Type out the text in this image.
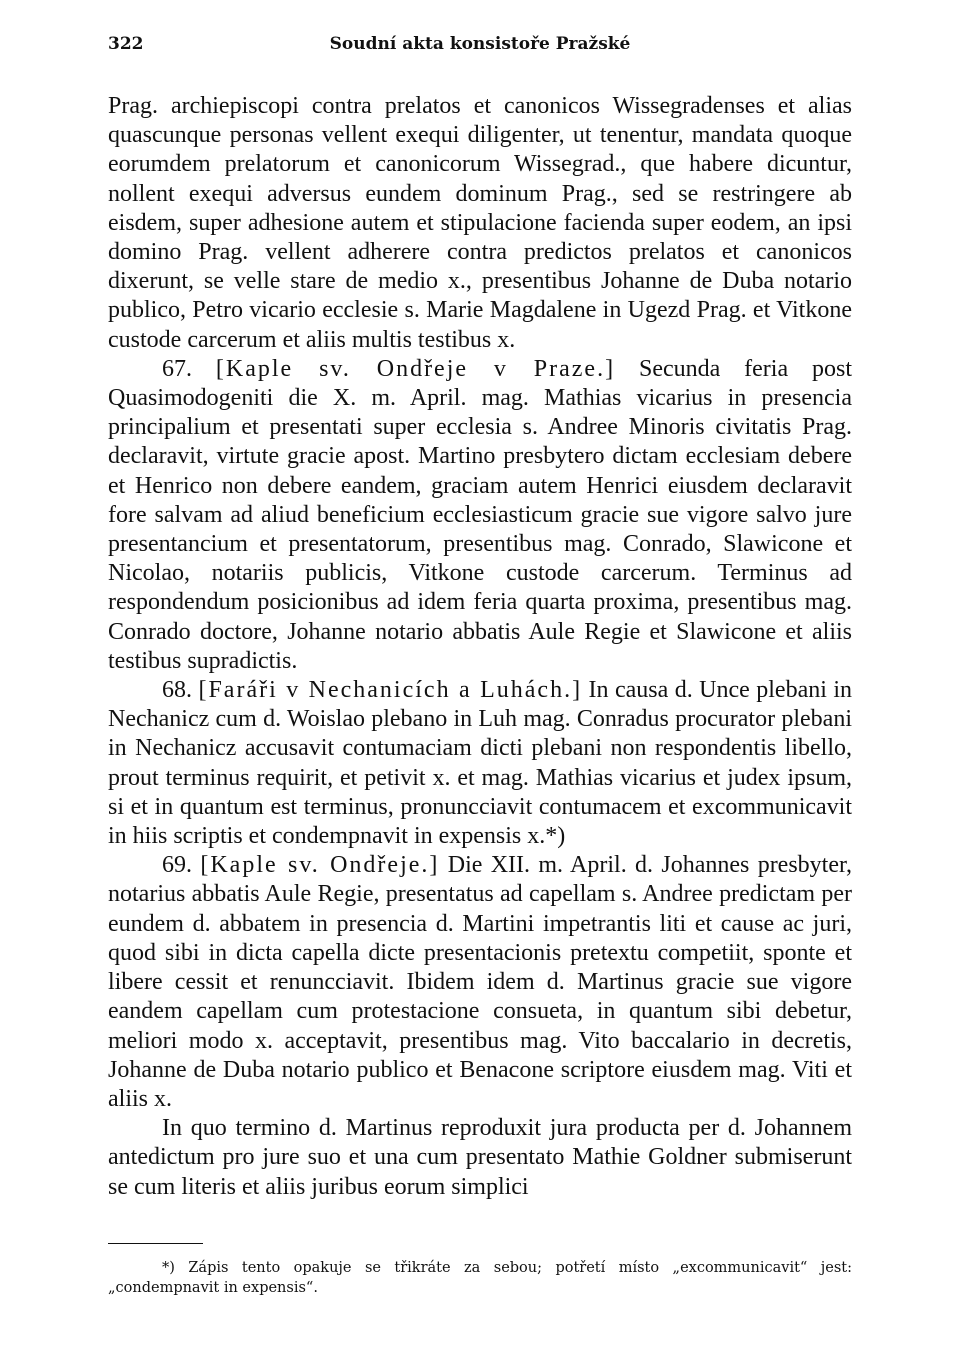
322	Soudní akta konsistoře Pražské

Prag. archiepiscopi contra prelatos et canonicos Wissegradenses et alias quascunque personas vellent exequi diligenter, ut tenentur, mandata quoque eorumdem prelatorum et canonicorum Wissegrad., que habere dicuntur, nollent exequi adversus eundem dominum Prag., sed se restringere ab eisdem, super adhesione autem et stipulacione facienda super eodem, an ipsi domino Prag. vellent adherere contra predictos prelatos et canonicos dixerunt, se velle stare de medio x., presentibus Johanne de Duba notario publico, Petro vicario ecclesie s. Marie Magdalene in Ugezd Prag. et Vitkone custode carcerum et aliis multis testibus x.

67. [Kaple sv. Ondřeje v Praze.] Secunda feria post Quasimodogeniti die X. m. April. mag. Mathias vicarius in presencia principalium et presentati super ecclesia s. Andree Minoris civitatis Prag. declaravit, virtute gracie apost. Martino presbytero dictam ecclesiam debere et Henrico non debere eandem, graciam autem Henrici eiusdem declaravit fore salvam ad aliud beneficium ecclesiasticum gracie sue vigore salvo jure presentancium et presentatorum, presentibus mag. Conrado, Slawicone et Nicolao, notariis publicis, Vitkone custode carcerum. Terminus ad respondendum posicionibus ad idem feria quarta proxima, presentibus mag. Conrado doctore, Johanne notario abbatis Aule Regie et Slawicone et aliis testibus supradictis.

68. [Faráři v Nechanicích a Luhách.] In causa d. Unce plebani in Nechanicz cum d. Woislao plebano in Luh mag. Conradus procurator plebani in Nechanicz accusavit contumaciam dicti plebani non respondentis libello, prout terminus requirit, et petivit x. et mag. Mathias vicarius et judex ipsum, si et in quantum est terminus, pronuncciavit contumacem et excommunicavit in hiis scriptis et condempnavit in expensis x.*)

69. [Kaple sv. Ondřeje.] Die XII. m. April. d. Johannes presbyter, notarius abbatis Aule Regie, presentatus ad capellam s. Andree predictam per eundem d. abbatem in presencia d. Martini impetrantis liti et cause ac juri, quod sibi in dicta capella dicte presentacionis pretextu competiit, sponte et libere cessit et renuncciavit. Ibidem idem d. Martinus gracie sue vigore eandem capellam cum protestacione consueta, in quantum sibi debetur, meliori modo x. acceptavit, presentibus mag. Vito baccalario in decretis, Johanne de Duba notario publico et Benacone scriptore eiusdem mag. Viti et aliis x.

In quo termino d. Martinus reproduxit jura producta per d. Johannem antedictum pro jure suo et una cum presentato Mathie Goldner submiserunt se cum literis et aliis juribus eorum simplici

*) Zápis tento opakuje se třikráte za sebou; potřetí místo „excommunicavit“ jest: „condempnavit in expensis“.
